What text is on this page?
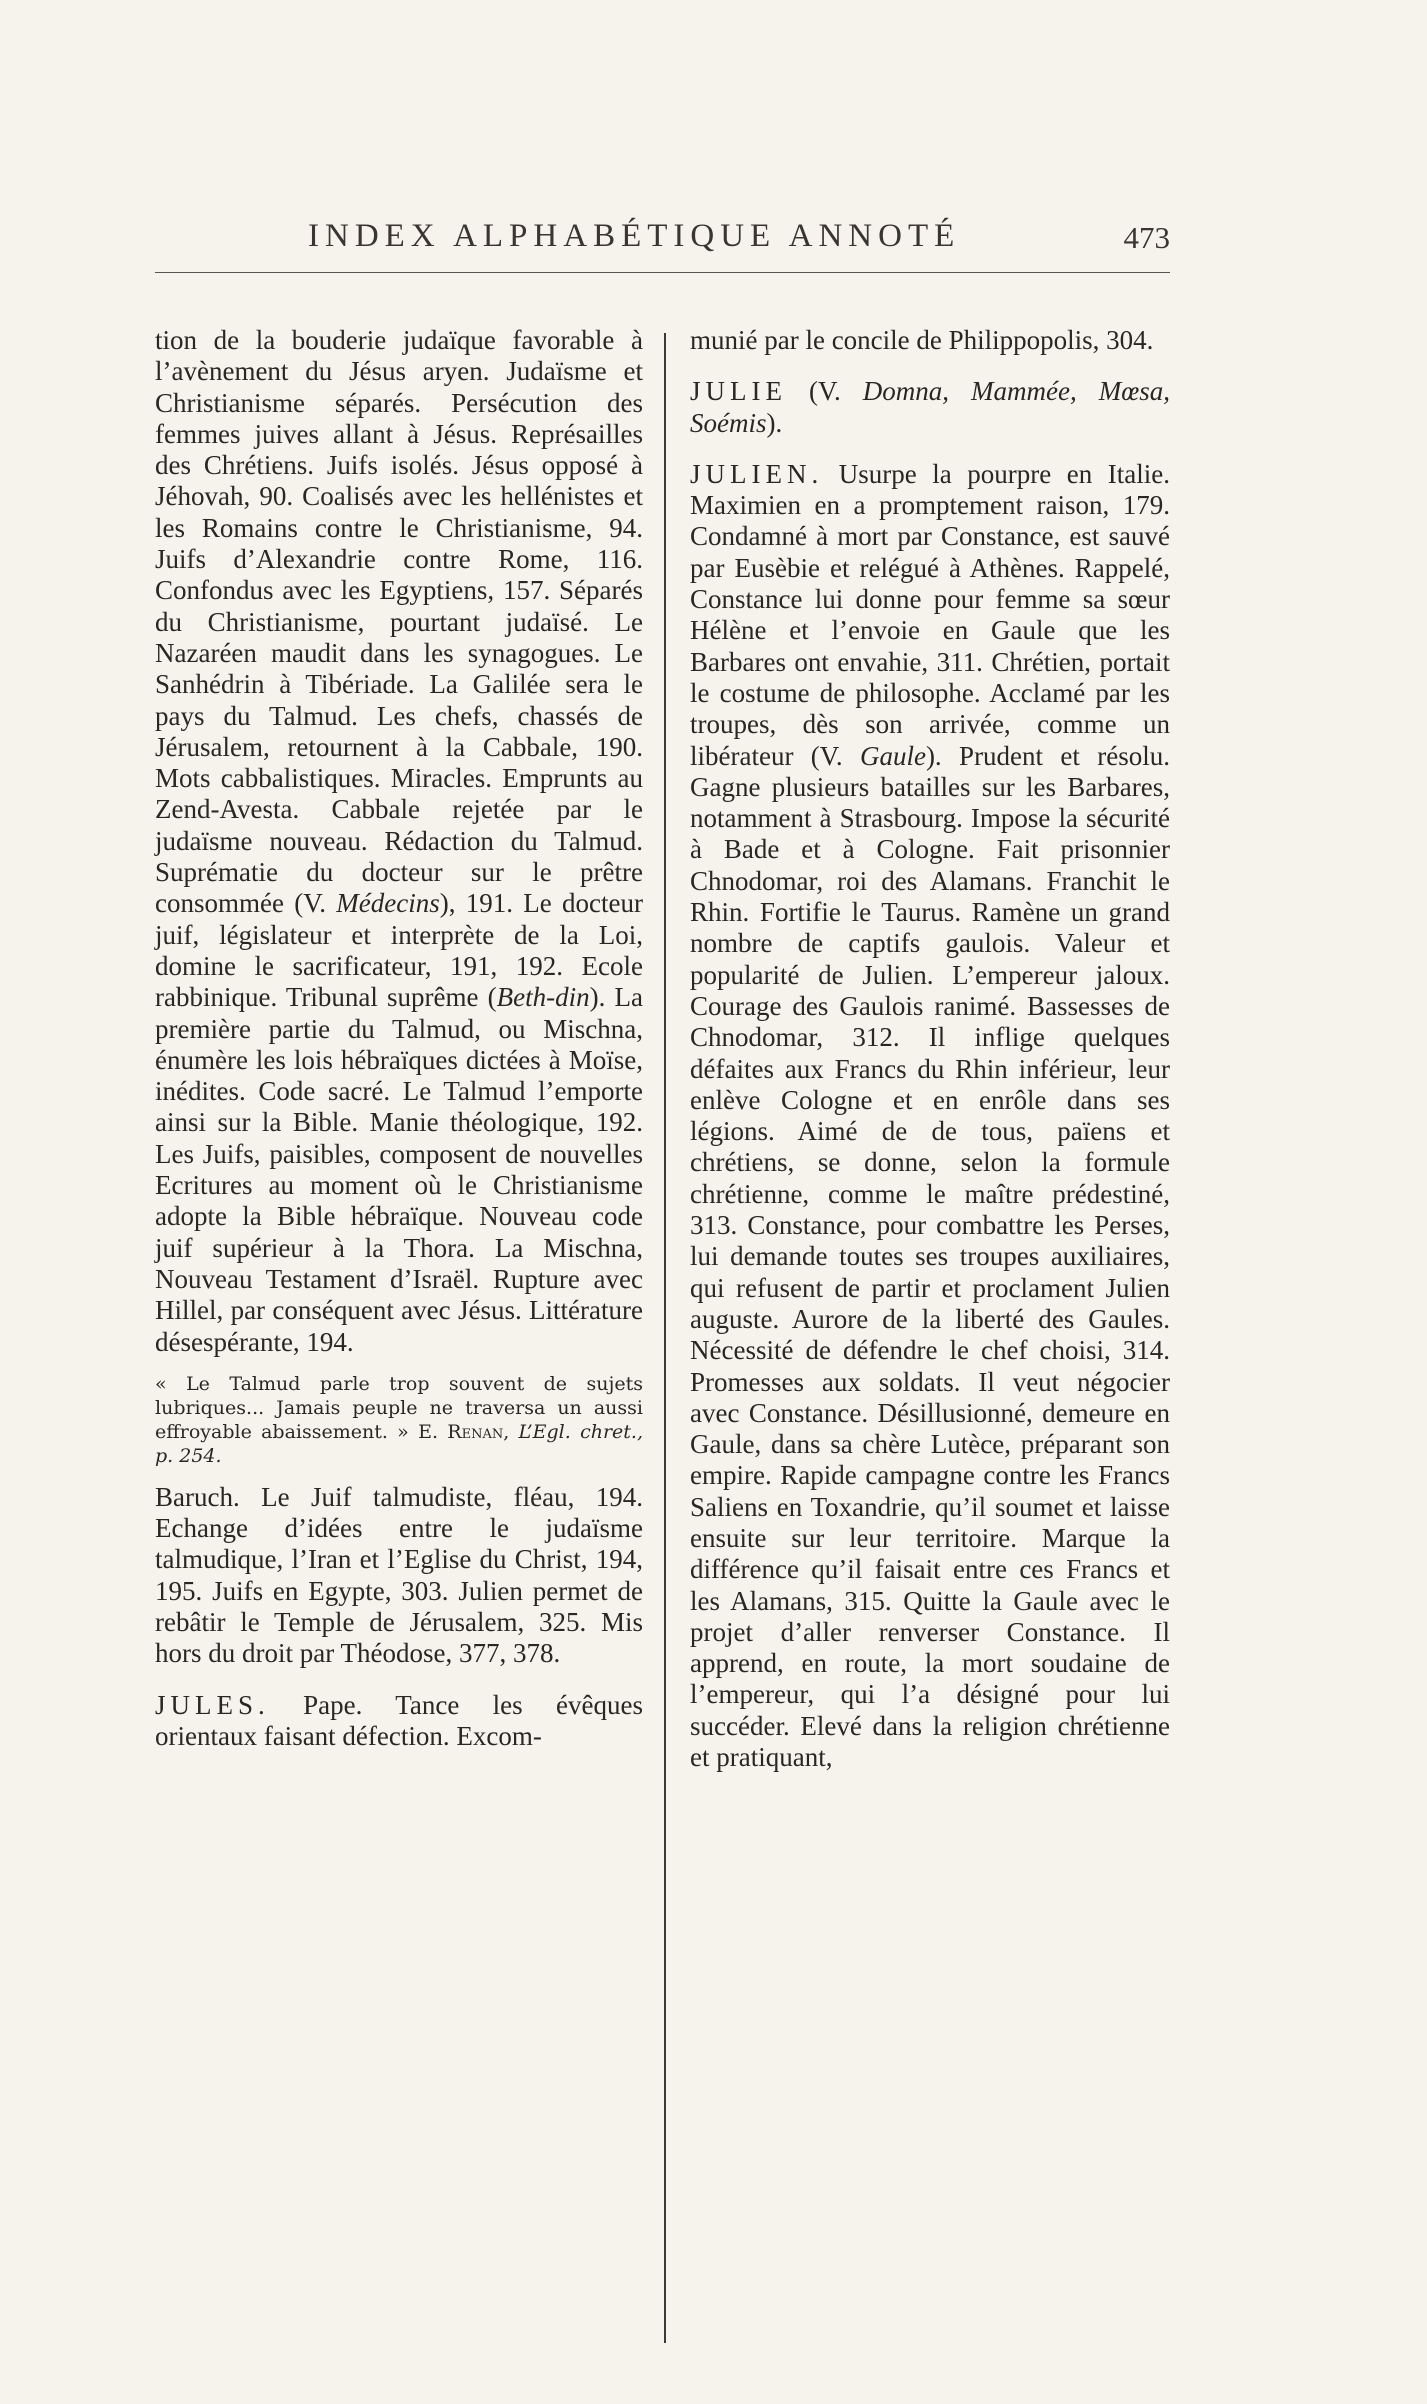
INDEX ALPHABÉTIQUE ANNOTÉ	473

tion de la bouderie judaïque favorable à l’avènement du Jésus aryen. Judaïsme et Christianisme séparés. Persécution des femmes juives allant à Jésus. Représailles des Chrétiens. Juifs isolés. Jésus opposé à Jéhovah, 90. Coalisés avec les hellénistes et les Romains contre le Christianisme, 94. Juifs d’Alexandrie contre Rome, 116. Confondus avec les Egyptiens, 157. Séparés du Christianisme, pourtant judaïsé. Le Nazaréen maudit dans les synagogues. Le Sanhédrin à Tibériade. La Galilée sera le pays du Talmud. Les chefs, chassés de Jérusalem, retournent à la Cabbale, 190. Mots cabbalistiques. Miracles. Emprunts au Zend-Avesta. Cabbale rejetée par le judaïsme nouveau. Rédaction du Talmud. Suprématie du docteur sur le prêtre consommée (V. Médecins), 191. Le docteur juif, législateur et interprète de la Loi, domine le sacrificateur, 191, 192. Ecole rabbinique. Tribunal suprême (Beth-din). La première partie du Talmud, ou Mischna, énumère les lois hébraïques dictées à Moïse, inédites. Code sacré. Le Talmud l’emporte ainsi sur la Bible. Manie théologique, 192. Les Juifs, paisibles, composent de nouvelles Ecritures au moment où le Christianisme adopte la Bible hébraïque. Nouveau code juif supérieur à la Thora. La Mischna, Nouveau Testament d’Israël. Rupture avec Hillel, par conséquent avec Jésus. Littérature désespérante, 194.

« Le Talmud parle trop souvent de sujets lubriques... Jamais peuple ne traversa un aussi effroyable abaissement. » E. Renan, L’Egl. chret., p. 254.

Baruch. Le Juif talmudiste, fléau, 194. Echange d’idées entre le judaïsme talmudique, l’Iran et l’Eglise du Christ, 194, 195. Juifs en Egypte, 303. Julien permet de rebâtir le Temple de Jérusalem, 325. Mis hors du droit par Théodose, 377, 378.

JULES. Pape. Tance les évêques orientaux faisant défection. Excom-

munié par le concile de Philippopolis, 304.

JULIE (V. Domna, Mammée, Mœsa, Soémis).

JULIEN. Usurpe la pourpre en Italie. Maximien en a promptement raison, 179. Condamné à mort par Constance, est sauvé par Eusèbie et relégué à Athènes. Rappelé, Constance lui donne pour femme sa sœur Hélène et l’envoie en Gaule que les Barbares ont envahie, 311. Chrétien, portait le costume de philosophe. Acclamé par les troupes, dès son arrivée, comme un libérateur (V. Gaule). Prudent et résolu. Gagne plusieurs batailles sur les Barbares, notamment à Strasbourg. Impose la sécurité à Bade et à Cologne. Fait prisonnier Chnodomar, roi des Alamans. Franchit le Rhin. Fortifie le Taurus. Ramène un grand nombre de captifs gaulois. Valeur et popularité de Julien. L’empereur jaloux. Courage des Gaulois ranimé. Bassesses de Chnodomar, 312. Il inflige quelques défaites aux Francs du Rhin inférieur, leur enlève Cologne et en enrôle dans ses légions. Aimé de de tous, païens et chrétiens, se donne, selon la formule chrétienne, comme le maître prédestiné, 313. Constance, pour combattre les Perses, lui demande toutes ses troupes auxiliaires, qui refusent de partir et proclament Julien auguste. Aurore de la liberté des Gaules. Nécessité de défendre le chef choisi, 314. Promesses aux soldats. Il veut négocier avec Constance. Désillusionné, demeure en Gaule, dans sa chère Lutèce, préparant son empire. Rapide campagne contre les Francs Saliens en Toxandrie, qu’il soumet et laisse ensuite sur leur territoire. Marque la différence qu’il faisait entre ces Francs et les Alamans, 315. Quitte la Gaule avec le projet d’aller renverser Constance. Il apprend, en route, la mort soudaine de l’empereur, qui l’a désigné pour lui succéder. Elevé dans la religion chrétienne et pratiquant,
